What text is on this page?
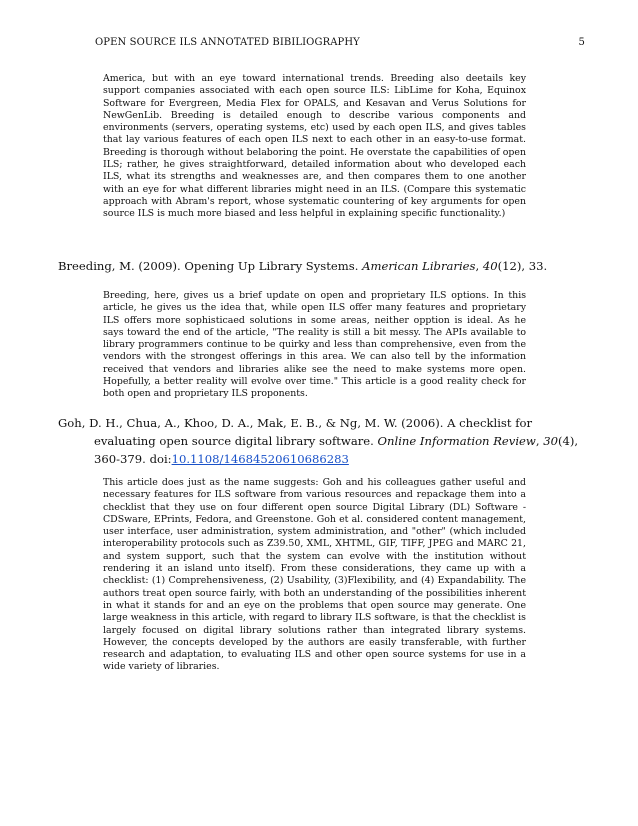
OPEN SOURCE ILS ANNOTATED BIBILIOGRAPHY	5

America, but with an eye toward international trends. Breeding also deetails key support companies associated with each open source ILS: LibLime for Koha, Equinox Software for Evergreen, Media Flex for OPALS, and Kesavan and Verus Solutions for NewGenLib. Breeding is detailed enough to describe various components and environments (servers, operating systems, etc) used by each open ILS, and gives tables that lay various features of each open ILS next to each other in an easy-to-use format. Breeding is thorough without belaboring the point. He overstate the capabilities of open ILS; rather, he gives straightforward, detailed information about who developed each ILS, what its strengths and weaknesses are, and then compares them to one another with an eye for what different libraries might need in an ILS. (Compare this systematic approach with Abram's report, whose systematic countering of key arguments for open source ILS is much more biased and less helpful in explaining specific functionality.)

Breeding, M. (2009). Opening Up Library Systems. American Libraries, 40(12), 33.

Breeding, here, gives us a brief update on open and proprietary ILS options. In this article, he gives us the idea that, while open ILS offer many features and proprietary ILS offers more sophisticaed solutions in some areas, neither opption is ideal. As he says toward the end of the article, "The reality is still a bit messy. The APIs available to library programmers continue to be quirky and less than comprehensive, even from the vendors with the strongest offerings in this area. We can also tell by the information received that vendors and libraries alike see the need to make systems more open. Hopefully, a better reality will evolve over time." This article is a good reality check for both open and proprietary ILS proponents.

Goh, D. H., Chua, A., Khoo, D. A., Mak, E. B., & Ng, M. W. (2006). A checklist for evaluating open source digital library software. Online Information Review, 30(4), 360-379. doi:10.1108/14684520610686283

This article does just as the name suggests: Goh and his colleagues gather useful and necessary features for ILS software from various resources and repackage them into a checklist that they use on four different open source Digital Library (DL) Software - CDSware, EPrints, Fedora, and Greenstone. Goh et al. considered content management, user interface, user administration, system administration, and "other" (which included interoperability protocols such as Z39.50, XML, XHTML, GIF, TIFF, JPEG and MARC 21, and system support, such that the system can evolve with the institution without rendering it an island unto itself). From these considerations, they came up with a checklist: (1) Comprehensiveness, (2) Usability, (3)Flexibility, and (4) Expandability. The authors treat open source fairly, with both an understanding of the possibilities inherent in what it stands for and an eye on the problems that open source may generate. One large weakness in this article, with regard to library ILS software, is that the checklist is largely focused on digital library solutions rather than integrated library systems. However, the concepts developed by the authors are easily transferable, with further research and adaptation, to evaluating ILS and other open source systems for use in a wide variety of libraries.
